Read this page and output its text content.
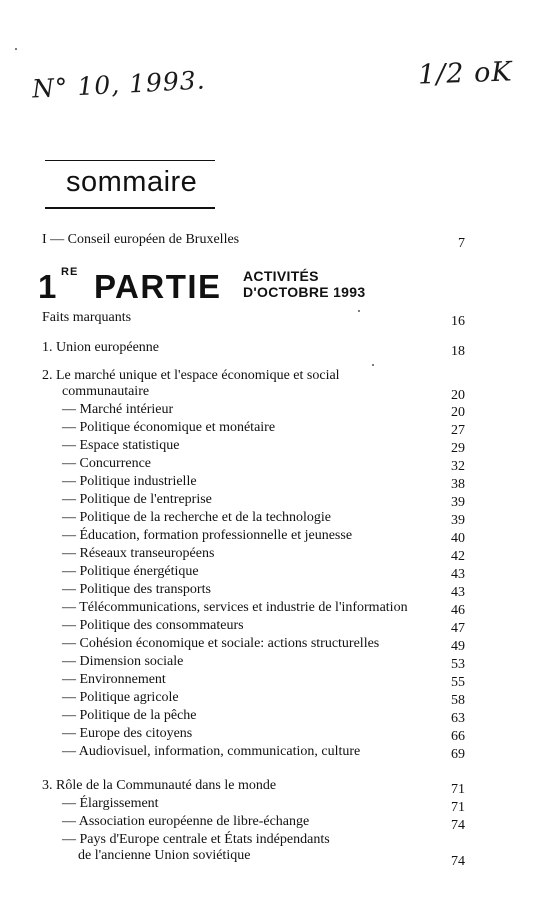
N° 10, 1993.	1/2 oK
sommaire
I — Conseil européen de Bruxelles	7
1 RE PARTIE ACTIVITÉS
D'OCTOBRE 1993
Faits marquants	16
1. Union européenne	18
2. Le marché unique et l'espace économique et social
communautaire	20
— Marché intérieur	20
— Politique économique et monétaire	27
— Espace statistique	29
— Concurrence	32
— Politique industrielle	38
— Politique de l'entreprise	39
— Politique de la recherche et de la technologie	39
— Éducation, formation professionnelle et jeunesse	40
— Réseaux transeuropéens	42
— Politique énergétique	43
— Politique des transports	43
— Télécommunications, services et industrie de l'information	46
— Politique des consommateurs	47
— Cohésion économique et sociale: actions structurelles	49
— Dimension sociale	53
— Environnement	55
— Politique agricole	58
— Politique de la pêche	63
— Europe des citoyens	66
— Audiovisuel, information, communication, culture	69
3. Rôle de la Communauté dans le monde	71
— Élargissement	71
— Association européenne de libre-échange	74
— Pays d'Europe centrale et États indépendants
de l'ancienne Union soviétique	74
